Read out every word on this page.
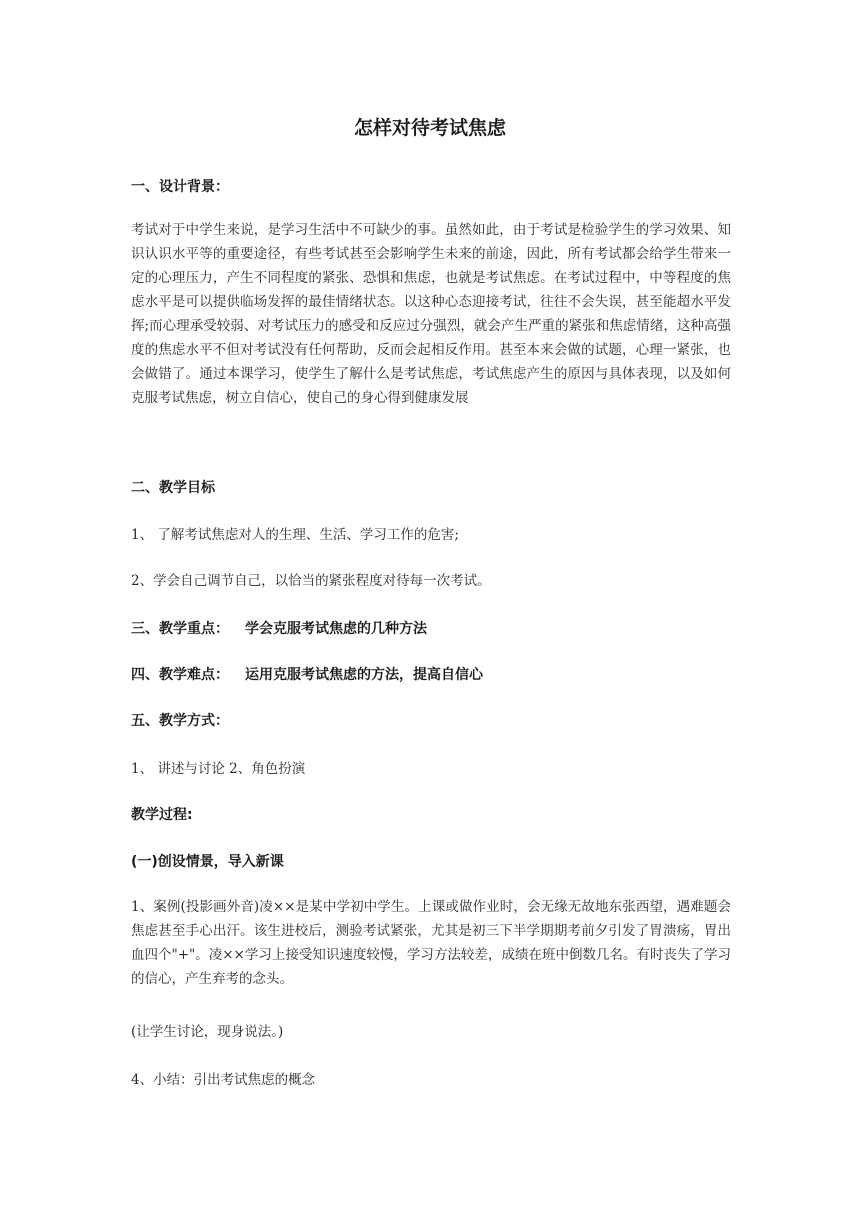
怎样对待考试焦虑
一、设计背景：
考试对于中学生来说，是学习生活中不可缺少的事。虽然如此，由于考试是检验学生的学习效果、知识认识水平等的重要途径，有些考试甚至会影响学生未来的前途，因此，所有考试都会给学生带来一定的心理压力，产生不同程度的紧张、恐惧和焦虑，也就是考试焦虑。在考试过程中，中等程度的焦虑水平是可以提供临场发挥的最佳情绪状态。以这种心态迎接考试，往往不会失误，甚至能超水平发挥;而心理承受较弱、对考试压力的感受和反应过分强烈，就会产生严重的紧张和焦虑情绪，这种高强度的焦虑水平不但对考试没有任何帮助，反而会起相反作用。甚至本来会做的试题，心理一紧张，也会做错了。通过本课学习，使学生了解什么是考试焦虑，考试焦虑产生的原因与具体表现，以及如何克服考试焦虑，树立自信心，使自己的身心得到健康发展
二、教学目标
1、 了解考试焦虑对人的生理、生活、学习工作的危害;
2、学会自己调节自己，以恰当的紧张程度对待每一次考试。
三、教学重点： 学会克服考试焦虑的几种方法
四、教学难点： 运用克服考试焦虑的方法，提高自信心
五、教学方式：
1、 讲述与讨论 2、角色扮演
教学过程:
(一)创设情景，导入新课
1、案例(投影画外音)凌××是某中学初中学生。上课或做作业时，会无缘无故地东张西望，遇难题会焦虑甚至手心出汗。该生进校后，测验考试紧张，尤其是初三下半学期期考前夕引发了胃溃疡，胃出血四个"+"。凌××学习上接受知识速度较慢，学习方法较差，成绩在班中倒数几名。有时丧失了学习的信心，产生弃考的念头。
(让学生讨论，现身说法。)
4、小结：引出考试焦虑的概念
